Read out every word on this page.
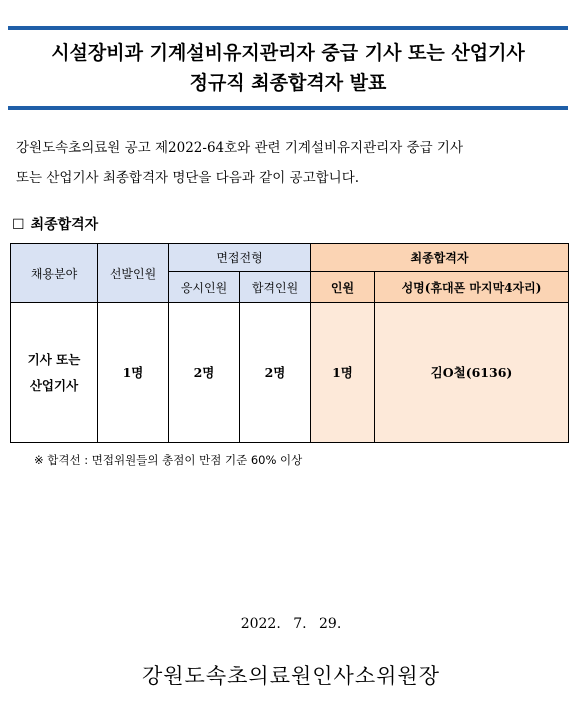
시설장비과 기계설비유지관리자 중급 기사 또는 산업기사
정규직 최종합격자 발표

강원도속초의료원 공고 제2022-64호와 관련 기계설비유지관리자 중급 기사

또는 산업기사 최종합격자 명단을 다음과 같이 공고합니다.

☐ 최종합격자
채용분야	선발인원	면접전형		최종합격자	
		응시인원	합격인원	인원	성명(휴대폰 마지막4자리)
기사 또는
산업기사	1명	2명	2명	1명	김O철(6136)
※ 합격선 : 면접위원들의 총점이 만점 기준 60% 이상
2022. 7. 29.
강원도속초의료원인사소위원장
